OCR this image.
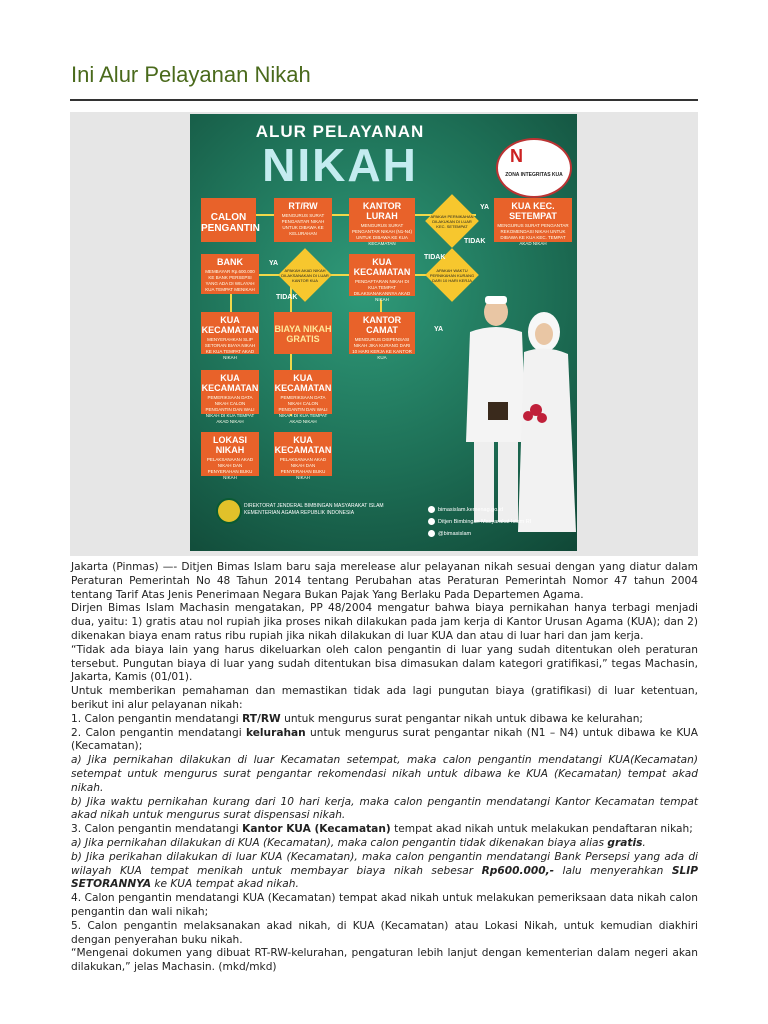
Ini Alur Pelayanan Nikah
ALUR PELAYANAN
NIKAH	N
ZONA INTEGRITAS KUA
CALON PENGANTIN
RT/RW
MENGURUS SURAT PENGANTAR NIKAH UNTUK DIBAWA KE KELURAHAN
KANTOR LURAH
MENGURUS SURAT PENGANTAR NIKAH (N1-N4) UNTUK DIBAWA KE KUA KECAMATAN
APAKAH PERNIKAHAN DILAKUKAN DI LUAR KEC. SETEMPAT
KUA KEC. SETEMPAT
MENGURUS SURAT PENGANTAR REKOMENDASI NIKAH UNTUK DIBAWA KE KUA KEC. TEMPAT AKAD NIKAH
YA
TIDAK
BANK
MEMBAYAR Rp.600.000 KE BANK PERSEPSI YANG ADA DI WILAYAH KUA TEMPAT MENIKAH
YA
APAKAH AKAD NIKAH DILAKSANAKAN DI LUAR KANTOR KUA
TIDAK
KUA KECAMATAN
PENDAFTARAN NIKAH DI KUA TEMPAT DILAKSANAKANNYA AKAD NIKAH
APAKAH WAKTU PERNIKAHAN KURANG DARI 10 HARI KERJA
TIDAK
YA
KUA KECAMATAN
MENYERAHKAN SLIP SETORAN BIAYA NIKAH KE KUA TEMPAT AKAD NIKAH
BIAYA NIKAH GRATIS
KANTOR CAMAT
MENGURUS DISPENSASI NIKAH JIKA KURANG DARI 10 HARI KERJA KE KANTOR KUA
KUA KECAMATAN
PEMERIKSAAN DATA NIKAH CALON PENGANTIN DAN WALI NIKAH DI KUA TEMPAT AKAD NIKAH
KUA KECAMATAN
PEMERIKSAAN DATA NIKAH CALON PENGANTIN DAN WALI NIKAH DI KUA TEMPAT AKAD NIKAH
LOKASI NIKAH
PELAKSANAAN AKAD NIKAH DAN PENYERAHAN BUKU NIKAH
KUA KECAMATAN
PELAKSANAAN AKAD NIKAH DAN PENYERAHAN BUKU NIKAH
DIREKTORAT JENDERAL BIMBINGAN MASYARAKAT ISLAM
KEMENTERIAN AGAMA REPUBLIK INDONESIA
bimasislam.kemenag.go.id
Ditjen Bimbingan Masyarakat Islam RI
@bimasislam

Jakarta (Pinmas) —- Ditjen Bimas Islam baru saja merelease alur pelayanan nikah sesuai dengan yang diatur dalam Peraturan Pemerintah No 48 Tahun 2014 tentang Perubahan atas Peraturan Pemerintah Nomor 47 tahun 2004 tentang Tarif Atas Jenis Penerimaan Negara Bukan Pajak Yang Berlaku Pada Departemen Agama.

Dirjen Bimas Islam Machasin mengatakan, PP 48/2004 mengatur bahwa biaya pernikahan hanya terbagi menjadi dua, yaitu: 1) gratis atau nol rupiah jika proses nikah dilakukan pada jam kerja di Kantor Urusan Agama (KUA); dan 2) dikenakan biaya enam ratus ribu rupiah jika nikah dilakukan di luar KUA dan atau di luar hari dan jam kerja.

“Tidak ada biaya lain yang harus dikeluarkan oleh calon pengantin di luar yang sudah ditentukan oleh peraturan tersebut. Pungutan biaya di luar yang sudah ditentukan bisa dimasukan dalam kategori gratifikasi,” tegas Machasin, Jakarta, Kamis (01/01).

Untuk memberikan pemahaman dan memastikan tidak ada lagi pungutan biaya (gratifikasi) di luar ketentuan, berikut ini alur pelayanan nikah:

1. Calon pengantin mendatangi RT/RW untuk mengurus surat pengantar nikah untuk dibawa ke kelurahan;

2. Calon pengantin mendatangi kelurahan untuk mengurus surat pengantar nikah (N1 – N4) untuk dibawa ke KUA (Kecamatan);

a) Jika pernikahan dilakukan di luar Kecamatan setempat, maka calon pengantin mendatangi KUA(Kecamatan) setempat untuk mengurus surat pengantar rekomendasi nikah untuk dibawa ke KUA (Kecamatan) tempat akad nikah.

b) Jika waktu pernikahan kurang dari 10 hari kerja, maka calon pengantin mendatangi Kantor Kecamatan tempat akad nikah untuk mengurus surat dispensasi nikah.

3. Calon pengantin mendatangi Kantor KUA (Kecamatan) tempat akad nikah untuk melakukan pendaftaran nikah;

a) Jika pernikahan dilakukan di KUA (Kecamatan), maka calon pengantin tidak dikenakan biaya alias gratis.

b) Jika perikahan dilakukan di luar KUA (Kecamatan), maka calon pengantin mendatangi Bank Persepsi yang ada di wilayah KUA tempat menikah untuk membayar biaya nikah sebesar Rp600.000,- lalu menyerahkan SLIP SETORANNYA ke KUA tempat akad nikah.

4. Calon pengantin mendatangi KUA (Kecamatan) tempat akad nikah untuk melakukan pemeriksaan data nikah calon pengantin dan wali nikah;

5. Calon pengantin melaksanakan akad nikah, di KUA (Kecamatan) atau Lokasi Nikah, untuk kemudian diakhiri dengan penyerahan buku nikah.

“Mengenai dokumen yang dibuat RT-RW-kelurahan, pengaturan lebih lanjut dengan kementerian dalam negeri akan dilakukan,” jelas Machasin. (mkd/mkd)
